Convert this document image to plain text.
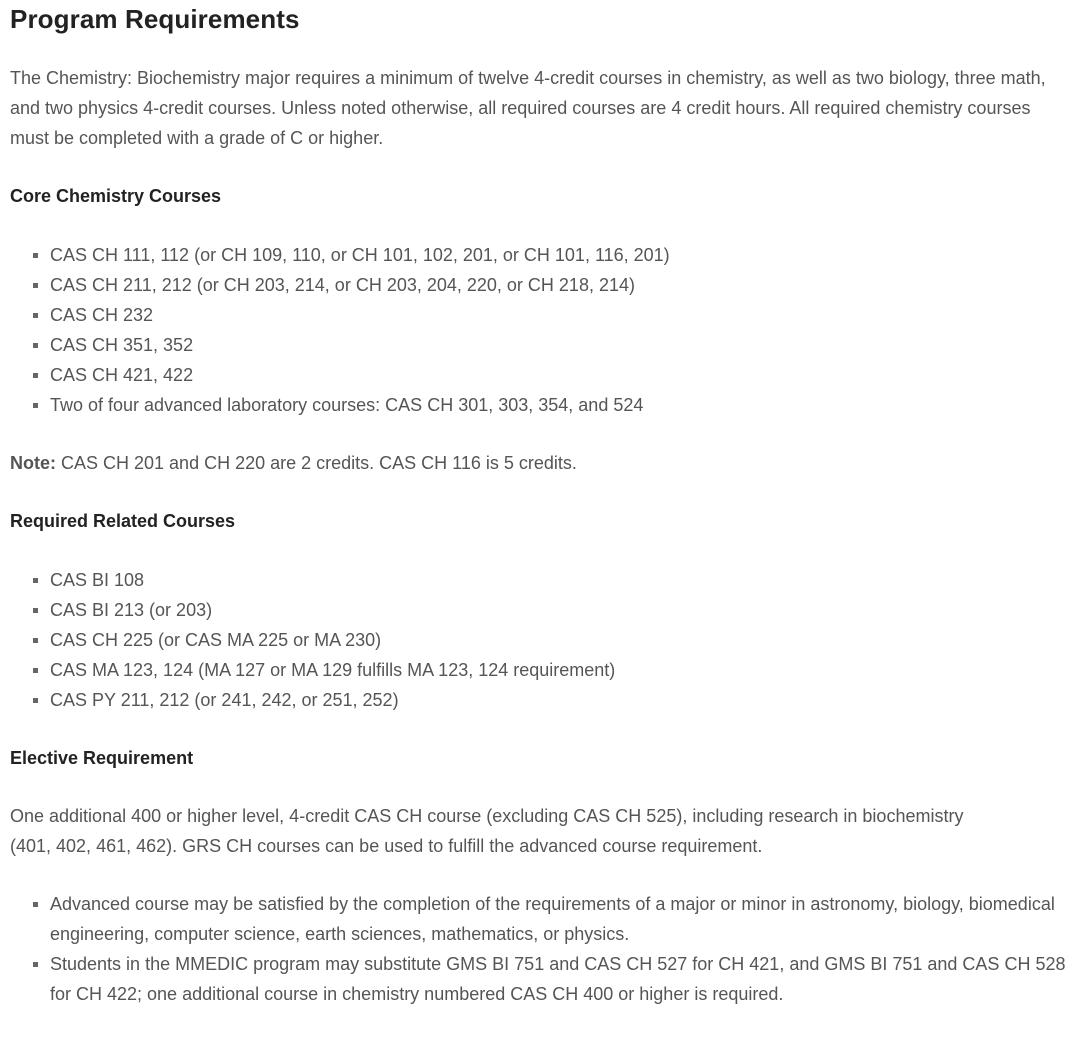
Program Requirements

The Chemistry: Biochemistry major requires a minimum of twelve 4-credit courses in chemistry, as well as two biology, three math, and two physics 4-credit courses. Unless noted otherwise, all required courses are 4 credit hours. All required chemistry courses must be completed with a grade of C or higher.

Core Chemistry Courses
CAS CH 111, 112 (or CH 109, 110, or CH 101, 102, 201, or CH 101, 116, 201)
CAS CH 211, 212 (or CH 203, 214, or CH 203, 204, 220, or CH 218, 214)
CAS CH 232
CAS CH 351, 352
CAS CH 421, 422
Two of four advanced laboratory courses: CAS CH 301, 303, 354, and 524

Note: CAS CH 201 and CH 220 are 2 credits. CAS CH 116 is 5 credits.

Required Related Courses
CAS BI 108
CAS BI 213 (or 203)
CAS CH 225 (or CAS MA 225 or MA 230)
CAS MA 123, 124 (MA 127 or MA 129 fulfills MA 123, 124 requirement)
CAS PY 211, 212 (or 241, 242, or 251, 252)
Elective Requirement

One additional 400 or higher level, 4-credit CAS CH course (excluding CAS CH 525), including research in biochemistry (401, 402, 461, 462). GRS CH courses can be used to fulfill the advanced course requirement.

Advanced course may be satisfied by the completion of the requirements of a major or minor in astronomy, biology, biomedical engineering, computer science, earth sciences, mathematics, or physics.
Students in the MMEDIC program may substitute GMS BI 751 and CAS CH 527 for CH 421, and GMS BI 751 and CAS CH 528 for CH 422; one additional course in chemistry numbered CAS CH 400 or higher is required.
